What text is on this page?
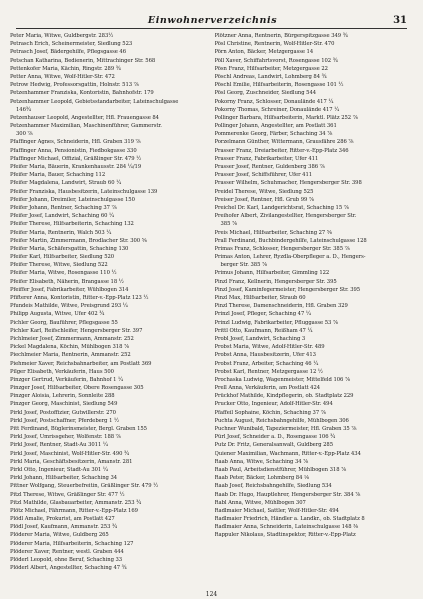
Einwohnerverzeichnis	31
Peter Maria, Witwe, Guldbergstr. 283½
Petrasch Erich, Scheinermeister, Siedlung 523
Petrasch Josef, Bädergehilfe, Pflegsgasse 46
Petschan Katharina, Bedienerin, Mittrachinger Str. 568
Pettenkofer Maria, Kächin, Ringstr. 289 ¾
Petter Anna, Witwe, Wolf-Hitler-Str. 472
Petrow Hedwig, Professorsgattin, Holnstr. 513 ⅞
Petzenhammer Franziska, Kontoristin, Bahnhofstr. 179
Petzenhammer Leopold, Gebietsstandarbeiter, Lateinschulgasse
146¾
Petzenhauser Leopold, Angestellter, Hfl. Frauengasse 84
Petzenhammer Maximilian, Maschinenführer, Gammerstr.
300 ⅞
Pfaffinger Agnes, Schneiderin, Hfl. Graben 319 ⅞
Pfaffinger Anna, Pensionistin, Fiedbokgasse 330
Pfaffinger Michael, Offizial, Gräßlinger Str. 479 ½
Pfeifer Maria, Bäuerin, Krankenhausstr. 284 ¼/19
Pfeifer Maria, Bauer, Schaching 112
Pfeifer Magdalena, Landwirt, Straub 60 ¼
Pfeifer Franziska, Hausbesitzerin, Lateinschulgasse 139
Pfeifer Johann, Dreimiler, Lateinschulgasse 150
Pfeifer Johann, Rentner, Schaching 37 ⅞
Pfeifer Josef, Landwirt, Schaching 60 ¼
Pfeifer Therese, Hilfsarbeiterin, Schaching 132
Pfeifer Maria, Rentnerin, Walch 503 ¼
Pfeifer Martin, Zimmermann, Brodlacher Str. 300 ⅝
Pfeifer Maria, Schäfersgattin, Schaching 130
Pfeifer Karl, Hilfsarbeiter, Siedlung 520
Pfeifer Therese, Witwe, Siedlung 522
Pfeifer Maria, Witwe, Rosengasse 110 ½
Pfeifer Elisabeth, Näherin, Brangasse 18 ½
Pfeiffer Josef, Fabrikarbeiter, Wühlbogen 314
Pfifterer Anna, Kontoristin, Ritter-v.-Epp-Platz 123 ½
Pfundeis Mathilde, Witwe, Preisgrund 293 ¼
Philipp Augusta, Witwe, Ufer 402 ¾
Pichler Georg, Bauführer, Pflegsgasse 55
Pichler Karl, Reifschleifer, Hengersberger Str. 397
Pichlmeier Josef, Zimmermann, Ammanstr. 252
Pickel Magdalena, Köchin, Mühlbogen 318 ⅞
Piechlmeier Maria, Rentnerin, Ammanstr. 252
Piehmeier Xaver, Reichsbahnarbeiter, am Postlatt 369
Pilger Elisabeth, Verkäuferin, Haus 500
Pinzger Gertrud, Verkäuferin, Bahnhof 1 ¼
Pinzger Josef, Hilfsarbeiter, Obere Rosengasse 305
Pinzger Aloisia, Lehrerin, Sonnleite 288
Pinzger Georg, Maschinist, Siedlung 549
Pirkl Josef, Postoffizier, Gutwillerstr. 270
Pirkl Josef, Postschaffner, Pferdeberg 1 ½
Pitt Ferdinand, Büglerinsmeister, Bergl. Graben 155
Pirkl Josef, Umrissgeher, Wolfenstr. 188 ⅞
Pirkl Josef, Rentner, Stadt-Au 3011 ¼
Pirkl Josef, Maschinist, Wolf-Hitler-Str. 490 ¾
Pirkl Maria, Geschäftsbesitzerin, Amanstr. 281
Pirkl Otto, Ingenieur, Stadt-Au 301 ¼
Pirkl Johann, Hilfsarbeiter, Schaching 34
Pittner Wolfgang, Steuerbefreitin, Gräßlinger Str. 479 ½
Pitzl Therese, Witwe, Gräßlinger Str. 477 ½
Pitzl Mathilde, Glasbauarbeiter, Ammanstr. 253 ¾
Plötz Michael, Fährmann, Ritter-v.-Epp-Platz 169
Plödl Amalie, Prokurist, am Postlatt 427
Plödl Josef, Kaufmann, Ammanstr. 253 ¾
Plöderer Maria, Witwe, Guldberg 265
Plöderer Maria, Hilfsarbeiterin, Schaching 127
Plöderer Xaver, Rentner, westl. Graben 444
Plöderl Leopold, ohne Beruf, Schaching 33
Plöderl Albert, Angestellter, Schaching 47 ¾
Plötzner Anna, Rentnerin, Bürgerspitzgasse 349 ¾
Pösl Christine, Rentnerin, Wolf-Hitler-Str. 470
Pörn Anton, Bäcker, Metzgergasse 14
Pöll Xaver, Schiffahrtsvorst, Rosengasse 102 ¾
Pösn Franz, Hilfsarbeiter, Metzgergasse 22
Pöschl Andreas, Landwirt, Lohmberg 84 ¾
Pöschl Emilie, Hilfsarbeiterin, Rosengasse 101 ½
Pösl Georg, Zuschneider, Siedlung 544
Pokorny Franz, Schlosser, Donaulände 417 ¼
Pokorny Thomas, Schreiner, Donaulände 417 ¼
Pollinger Barbara, Hilfsarbeiterin, Marktl. Plätz 252 ⅞
Pollinger Johann, Angestellter, am Postlatt 361
Pommerenke Georg, Färber, Schaching 34 ⅞
Porzelmann Günther, Wittermann, Grausfähre 286 ⅞
Prasser Franz, Dreiarbeiter, Ritter-v.-Epp-Platz 346
Prasser Franz, Fabrikarbeiter, Ufer 411
Prasser Josef, Rentner, Guldenberg 386 ⅞
Prasser Josef, Schiffsführer, Ufer 411
Prasser Wilhelm, Schuhmacher, Hengersberger Str. 398
Preidel Therese, Witwe, Siedlung 525
Preiser Josef, Rentner, Hfl. Grub 99 ⅞
Preichel Dr. Karl, Landgerichtsrat, Schaching 15 ⅞
Preihofer Albert, Zivilangestellter, Hengersberger Str.
385 ⅞
Preis Michael, Hilfsarbeiter, Schaching 27 ⅝
Prall Ferdinand, Buchbindergehilfe, Lateinschulgasse 128
Primas Franz, Schlosser, Hengersberger Str. 385 ⅞
Primas Anton, Lehrer, Ryzdla-Oberpfleger a. D., Hengers-
berger Str. 385 ⅞
Primus Johann, Hilfsarbeiter, Gimmling 122
Pinzl Franz, Kellnerin, Hengersberger Str. 395
Pinzl Josef, Kaminfegermeister, Hengersberger Str. 395
Pinzl Max, Hilfsarbeiter, Straub 60
Pinzl Therese, Damenschneiderin, Hfl. Graben 329
Prinzl Josef, Pfleger, Schaching 47 ¼
Prinzl Ludwig, Fabrikarbeiter, Pfluggasse 53 ⅞
Prittl Otto, Kaufmann, Reißham 47 ¼
Probl Josef, Landwirt, Schaching 3
Probst Maria, Witwe, Adolf-Hitler-Str. 489
Probst Anna, Hausbesitzerin, Ufer 413
Probst Franz, Arbeiter, Schaching 46 ¼
Probst Karl, Rentner, Metzgergasse 12 ½
Prochaska Ludwig, Wagenmeister, Mittelfeld 106 ⅞
Prell Anna, Verkäuferin, am Postlatt 424
Prückhof Mathilde, Kindpflegerin, ob. Stadtplatz 229
Prucker Otto, Ingenieur, Adolf-Hitler-Str. 494
Pfaffeil Sophaine, Köchin, Schaching 37 ⅞
Puchta August, Reichsbahngehilfe, Mühlbogen 306
Puchner Wunibald, Tapeziermeister, Hfl. Graben 35 ⅞
Pürl Josef, Schneider a. D., Rosengasse 106 ¾
Putz Dr. Fritz, Generalsanwalt, Guldberg 285
Quiener Maximilian, Wachmann, Ritter-v.-Epp-Platz 434
Raab Anna, Witwe, Schaching 34 ⅞
Raab Paul, Arbeitsdienstführer, Mühlbogen 318 ⅞
Raab Peter, Bäcker, Lohmberg 84 ⅛
Raab Josef, Reichsbahngehilfe, Siedlung 534
Raab Dr. Hugo, Hauptlehrer, Hengersberger Str. 384 ⅞
Rabl Anna, Witwe, Mühlbogen 307
Radlmaier Michael, Sattler, Wolf-Hitler-Str. 494
Radlmaier Friedrich, Händler a. Landkr., ob. Stadtplatz 8
Radlmaier Anna, Schneiderin, Lateinschulgasse 148 ⅜
Rappuler Nikolaus, Stadtinspektor, Ritter-v.-Epp-Platz
124
